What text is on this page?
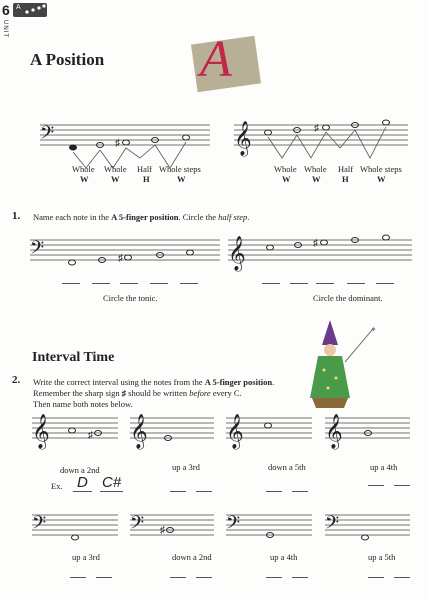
6 A
UNIT
A Position A
𝄢	♯	𝄞	♯
𝄢	♯	𝄞	♯
𝄞	♯ 𝄞	𝄞	𝄞
𝄢	𝄢 ♯	𝄢	𝄢
✦
Whole Whole Half Whole steps
W	W	H	W
Whole Whole Half Whole steps
W	W	H	W
1. Name each note in the A 5-finger position. Circle the half step.
Circle the tonic.	Circle the dominant.
Interval Time
2. Write the correct interval using the notes from the A 5-finger position.
Remember the sharp sign ♯ should be written before every C.
Then name both notes below.
down a 2nd	up a 3rd	down a 5th	up a 4th
Ex. D C#
up a 3rd	down a 2nd	up a 4th	up a 5th
